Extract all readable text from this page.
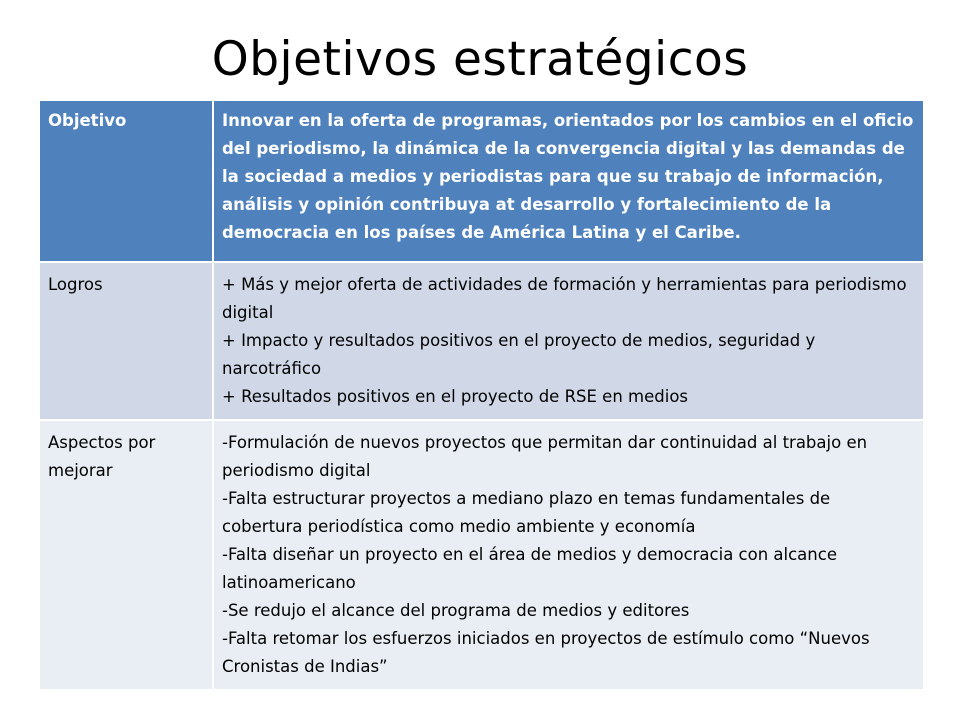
Objetivos estratégicos
Objetivo	Innovar en la oferta de programas, orientados por los cambios en el oficio del periodismo, la dinámica de la convergencia digital y las demandas de la sociedad a medios y periodistas para que su trabajo de información, análisis y opinión contribuya at desarrollo y fortalecimiento de la democracia en los países de América Latina y el Caribe.

Logros	+ Más y mejor oferta de actividades de formación y herramientas para periodismo digital
+ Impacto y resultados positivos en el proyecto de medios, seguridad y narcotráfico
+ Resultados positivos en el proyecto de RSE en medios

Aspectos por mejorar	-Formulación de nuevos proyectos que permitan dar continuidad al trabajo en periodismo digital
-Falta estructurar proyectos a mediano plazo en temas fundamentales de cobertura periodística como medio ambiente y economía
-Falta diseñar un proyecto en el área de medios y democracia con alcance latinoamericano
-Se redujo el alcance del programa de medios y editores
-Falta retomar los esfuerzos iniciados en proyectos de estímulo como “Nuevos Cronistas de Indias”
